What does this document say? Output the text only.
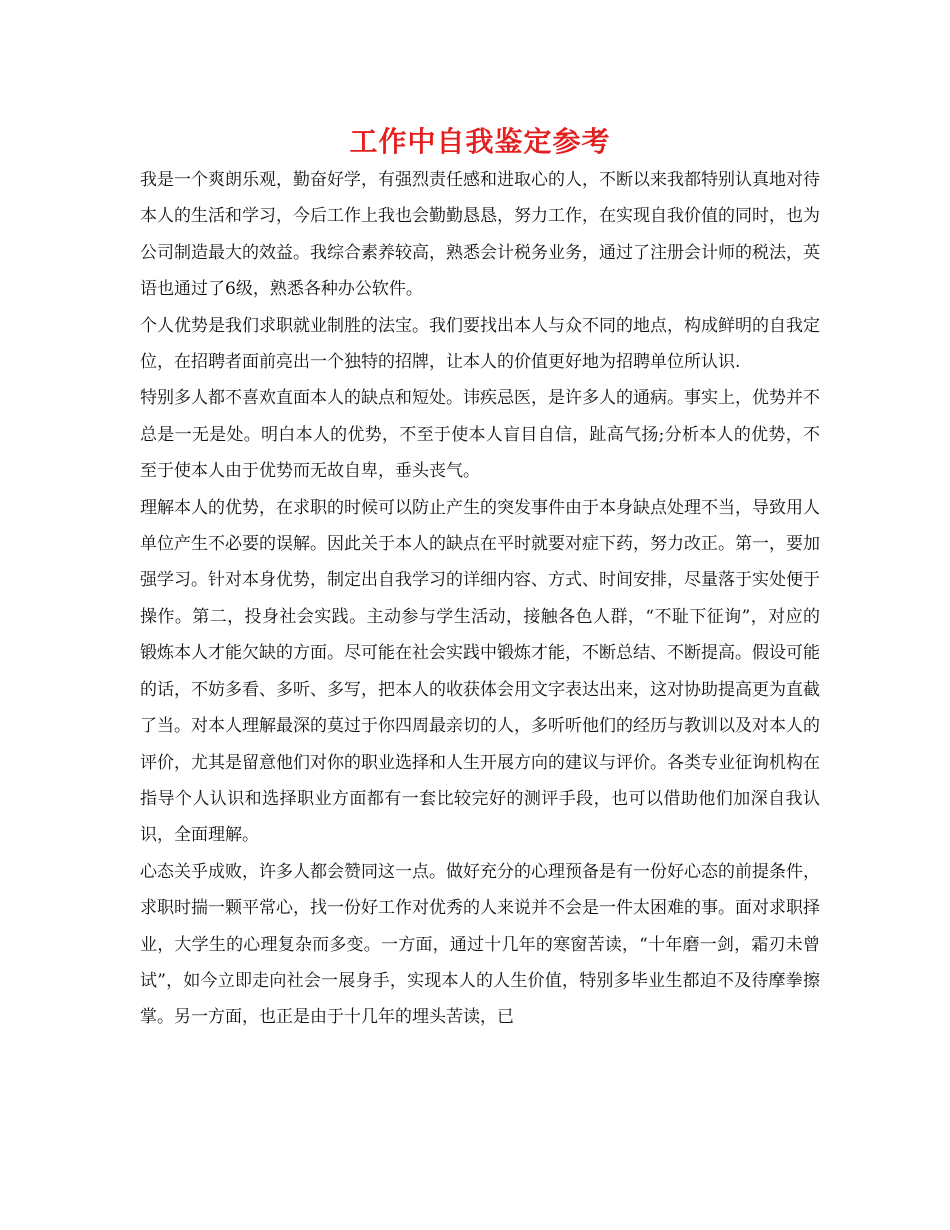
工作中自我鉴定参考

我是一个爽朗乐观，勤奋好学，有强烈责任感和进取心的人，不断以来我都特别认真地对待本人的生活和学习，今后工作上我也会勤勤恳恳，努力工作，在实现自我价值的同时，也为公司制造最大的效益。我综合素养较高，熟悉会计税务业务，通过了注册会计师的税法，英语也通过了6级，熟悉各种办公软件。

个人优势是我们求职就业制胜的法宝。我们要找出本人与众不同的地点，构成鲜明的自我定位，在招聘者面前亮出一个独特的招牌，让本人的价值更好地为招聘单位所认识.

特别多人都不喜欢直面本人的缺点和短处。讳疾忌医，是许多人的通病。事实上，优势并不总是一无是处。明白本人的优势，不至于使本人盲目自信，趾高气扬;分析本人的优势，不至于使本人由于优势而无故自卑，垂头丧气。

理解本人的优势，在求职的时候可以防止产生的突发事件由于本身缺点处理不当，导致用人单位产生不必要的误解。因此关于本人的缺点在平时就要对症下药，努力改正。第一，要加强学习。针对本身优势，制定出自我学习的详细内容、方式、时间安排，尽量落于实处便于操作。第二，投身社会实践。主动参与学生活动，接触各色人群，“不耻下征询”，对应的锻炼本人才能欠缺的方面。尽可能在社会实践中锻炼才能，不断总结、不断提高。假设可能的话，不妨多看、多听、多写，把本人的收获体会用文字表达出来，这对协助提高更为直截了当。对本人理解最深的莫过于你四周最亲切的人，多听听他们的经历与教训以及对本人的评价，尤其是留意他们对你的职业选择和人生开展方向的建议与评价。各类专业征询机构在指导个人认识和选择职业方面都有一套比较完好的测评手段，也可以借助他们加深自我认识，全面理解。

心态关乎成败，许多人都会赞同这一点。做好充分的心理预备是有一份好心态的前提条件，求职时揣一颗平常心，找一份好工作对优秀的人来说并不会是一件太困难的事。面对求职择业，大学生的心理复杂而多变。一方面，通过十几年的寒窗苦读，“十年磨一剑，霜刃未曾试”，如今立即走向社会一展身手，实现本人的人生价值，特别多毕业生都迫不及待摩拳擦掌。另一方面，也正是由于十几年的埋头苦读，已
